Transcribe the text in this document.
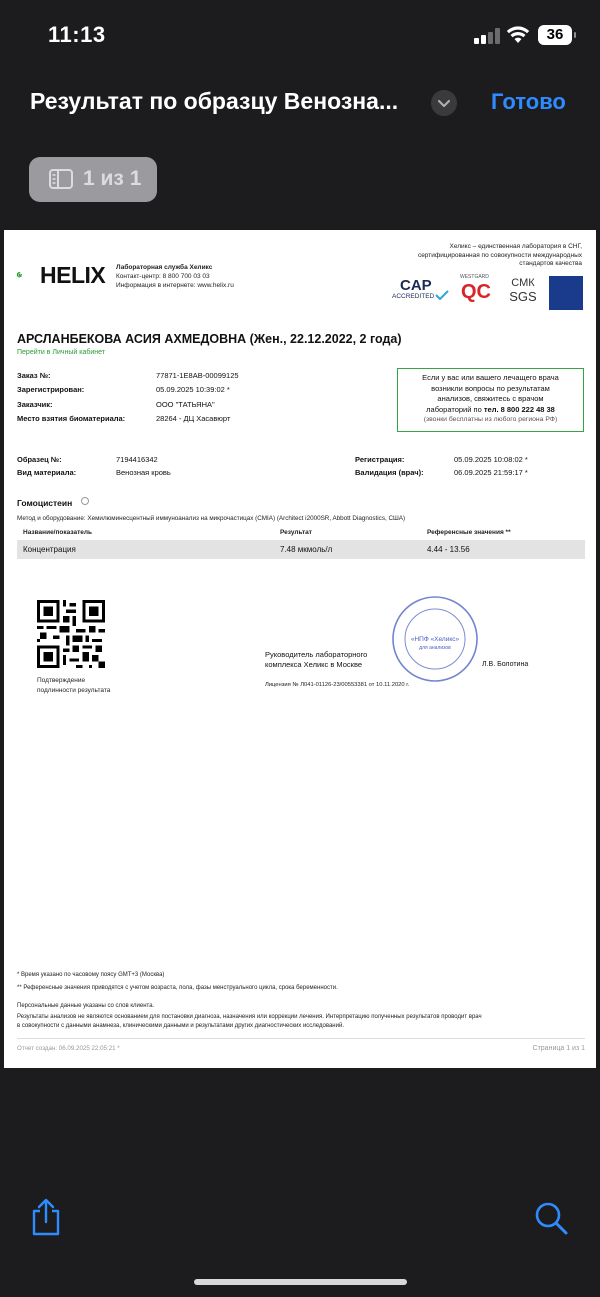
11:13	36
Результат по образцу Венозна...	Готово
1 из 1
HELIX Лабораторная служба Хеликс
Контакт-центр: 8 800 700 03 03
Информация в интернете: www.helix.ru
Хеликс – единственная лаборатория в СНГ,
сертифицированная по совокупности международных
стандартов качества
CAP
ACCREDITED
WESTGARD
QC СМК
SGS
АРСЛАНБЕКОВА АСИЯ АХМЕДОВНА (Жен., 22.12.2022, 2 года)
Перейти в Личный кабинет
Заказ №:	77871-1E8AB-00099125
Зарегистрирован:	05.09.2025 10:39:02 *
Заказчик:	ООО "ТАТЬЯНА"
Место взятия биоматериала:	28264 - ДЦ Хасавюрт
Если у вас или вашего лечащего врача
возникли вопросы по результатам
анализов, свяжитесь с врачом
лабораторий по тел. 8 800 222 48 38
(звонки бесплатны из любого региона РФ)
Образец №:	7194416342
Вид материала:	Венозная кровь
Регистрация:	05.09.2025 10:08:02 *
Валидация (врач):	06.09.2025 21:59:17 *
Гомоцистеин
Метод и оборудование: Хемилюминесцентный иммуноанализ на микрочастицах (CMIA) (Architect i2000SR, Abbott Diagnostics, США)
Название/показатель	Результат	Референсные значения **
Концентрация	7.48 мкмоль/л	4.44 - 13.56
Подтверждение
подлинности результата
«НПФ «Хеликс»
для анализов
Руководитель лабораторного
комплекса Хеликс в Москве	Л.В. Болотина
Лицензия № Л041-01126-23/00553381 от 10.11.2020 г.
* Время указано по часовому поясу GMT+3 (Москва)
** Референсные значения приводятся с учетом возраста, пола, фазы менструального цикла, срока беременности.
Персональные данные указаны со слов клиента.
Результаты анализов не являются основанием для постановки диагноза, назначения или коррекции лечения. Интерпретацию полученных результатов проводит врач
в совокупности с данными анамнеза, клиническими данными и результатами других диагностических исследований.
Отчет создан: 06.09.2025 22:05:21 *	Страница 1 из 1
